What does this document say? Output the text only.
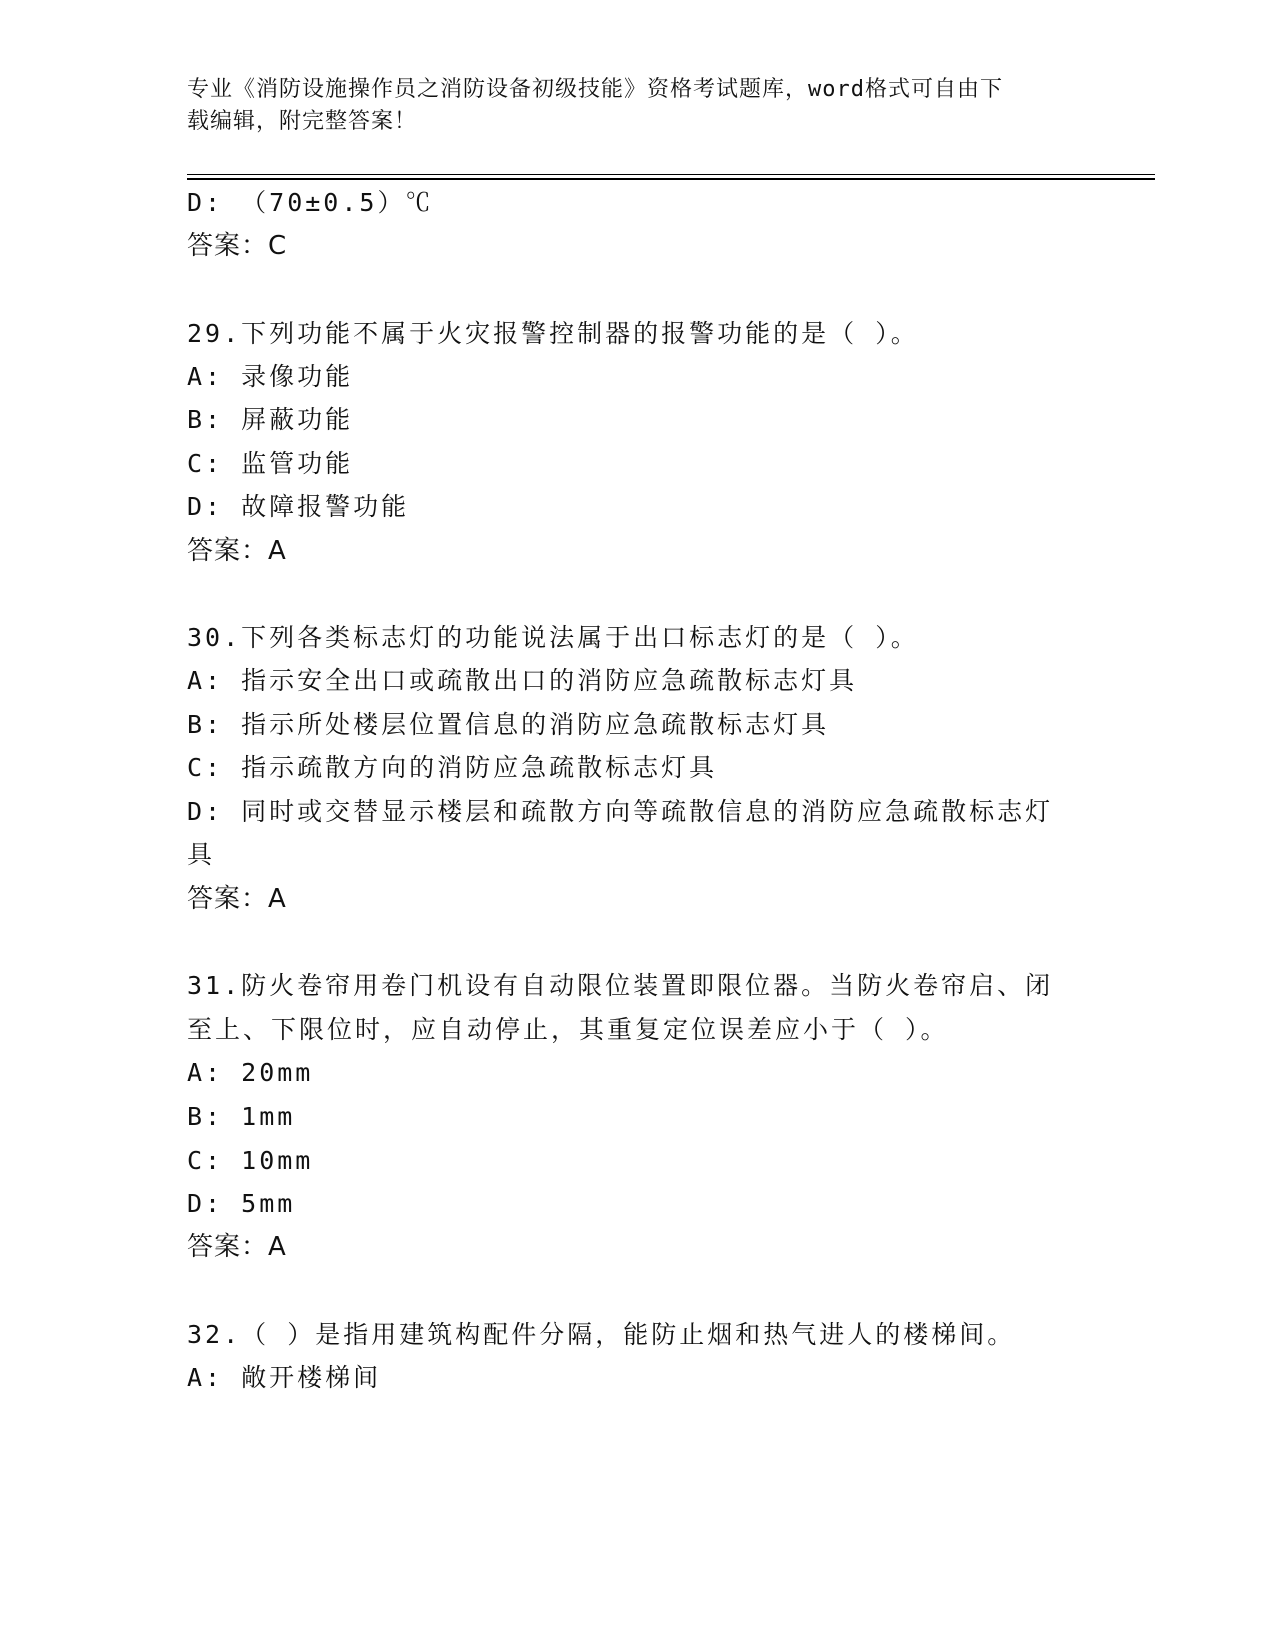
专业《消防设施操作员之消防设备初级技能》资格考试题库，word格式可自由下
载编辑，附完整答案！
D: （70±0.5）℃
答案：C
29.下列功能不属于火灾报警控制器的报警功能的是（ ）。
A: 录像功能
B: 屏蔽功能
C: 监管功能
D: 故障报警功能
答案：A
30.下列各类标志灯的功能说法属于出口标志灯的是（ ）。
A: 指示安全出口或疏散出口的消防应急疏散标志灯具
B: 指示所处楼层位置信息的消防应急疏散标志灯具
C: 指示疏散方向的消防应急疏散标志灯具
D: 同时或交替显示楼层和疏散方向等疏散信息的消防应急疏散标志灯
具
答案：A
31.防火卷帘用卷门机设有自动限位装置即限位器。当防火卷帘启、闭
至上、下限位时，应自动停止，其重复定位误差应小于（ ）。
A: 20mm
B: 1mm
C: 10mm
D: 5mm
答案：A
32.（ ）是指用建筑构配件分隔，能防止烟和热气进人的楼梯间。
A: 敞开楼梯间
